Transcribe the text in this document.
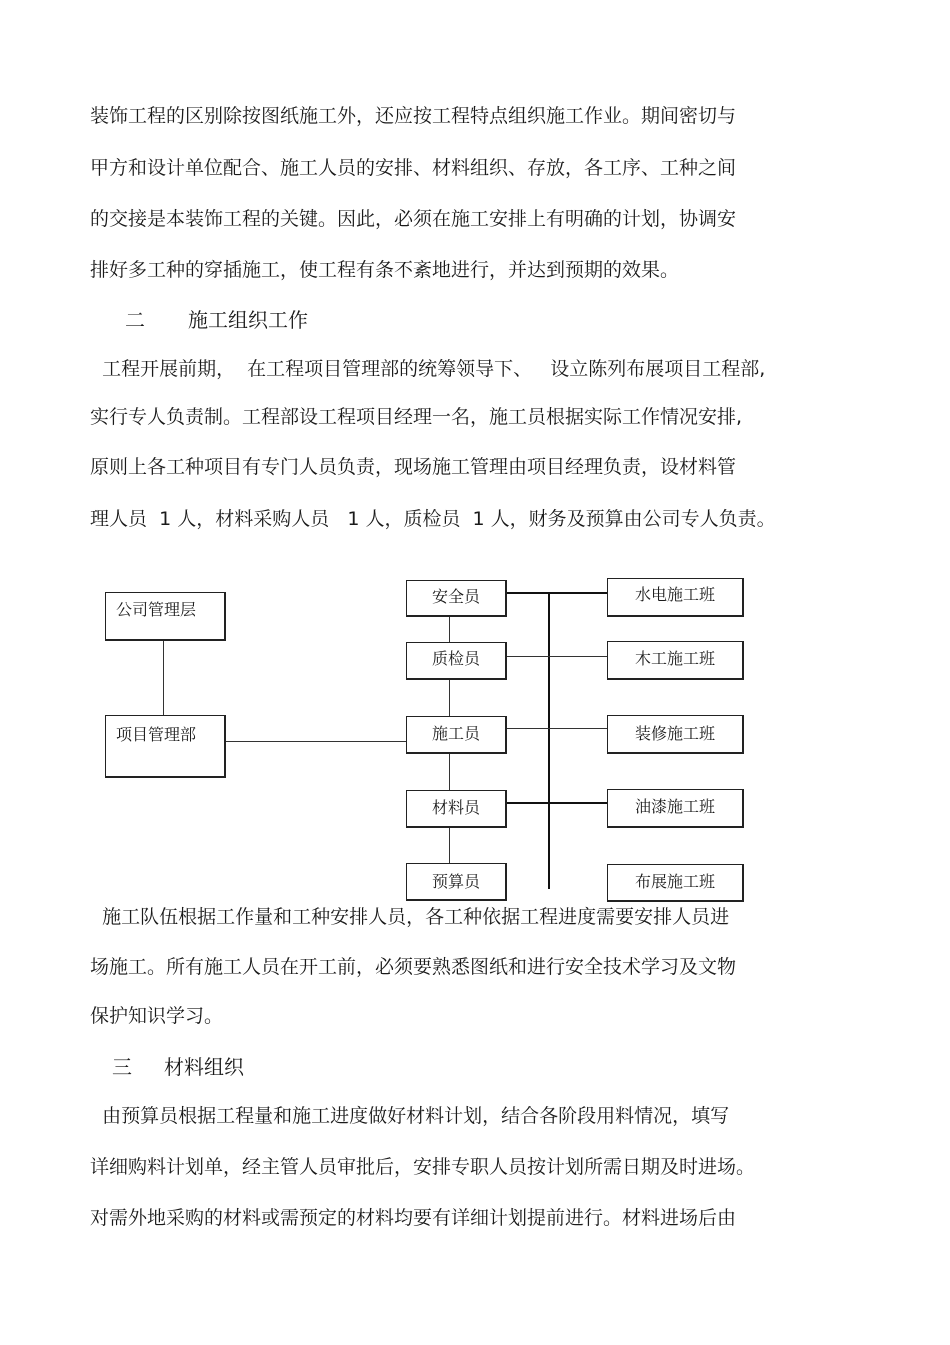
装饰工程的区别除按图纸施工外，还应按工程特点组织施工作业。期间密切与
甲方和设计单位配合、施工人员的安排、材料组织、存放，各工序、工种之间
的交接是本装饰工程的关键。因此，必须在施工安排上有明确的计划，协调安
排好多工种的穿插施工，使工程有条不紊地进行，并达到预期的效果。
二 施工组织工作
工程开展前期，  在工程项目管理部的统筹领导下、   设立陈列布展项目工程部,
实行专人负责制。工程部设工程项目经理一名，施工员根据实际工作情况安排,
原则上各工种项目有专门人员负责，现场施工管理由项目经理负责，设材料管
理人员  1 人，材料采购人员   1 人，质检员  1 人，财务及预算由公司专人负责。
公司管理层
项目管理部
安全员
质检员
施工员
材料员
预算员
水电施工班
木工施工班
装修施工班
油漆施工班
布展施工班
施工队伍根据工作量和工种安排人员，各工种依据工程进度需要安排人员进
场施工。所有施工人员在开工前，必须要熟悉图纸和进行安全技术学习及文物
保护知识学习。
三 材料组织
由预算员根据工程量和施工进度做好材料计划，结合各阶段用料情况，填写
详细购料计划单，经主管人员审批后，安排专职人员按计划所需日期及时进场。
对需外地采购的材料或需预定的材料均要有详细计划提前进行。材料进场后由
